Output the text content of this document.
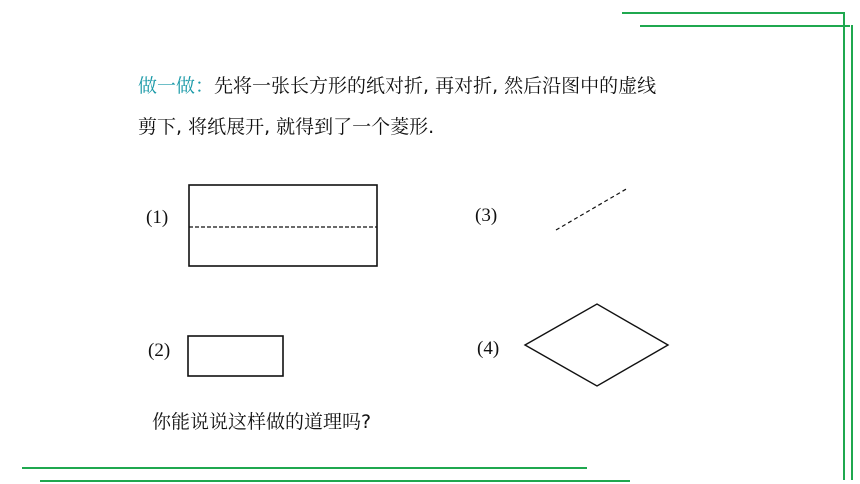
做一做：先将一张长方形的纸对折, 再对折, 然后沿图中的虚线
剪下, 将纸展开, 就得到了一个菱形.
(1)
(2)
(3)
(4)
你能说说这样做的道理吗?
